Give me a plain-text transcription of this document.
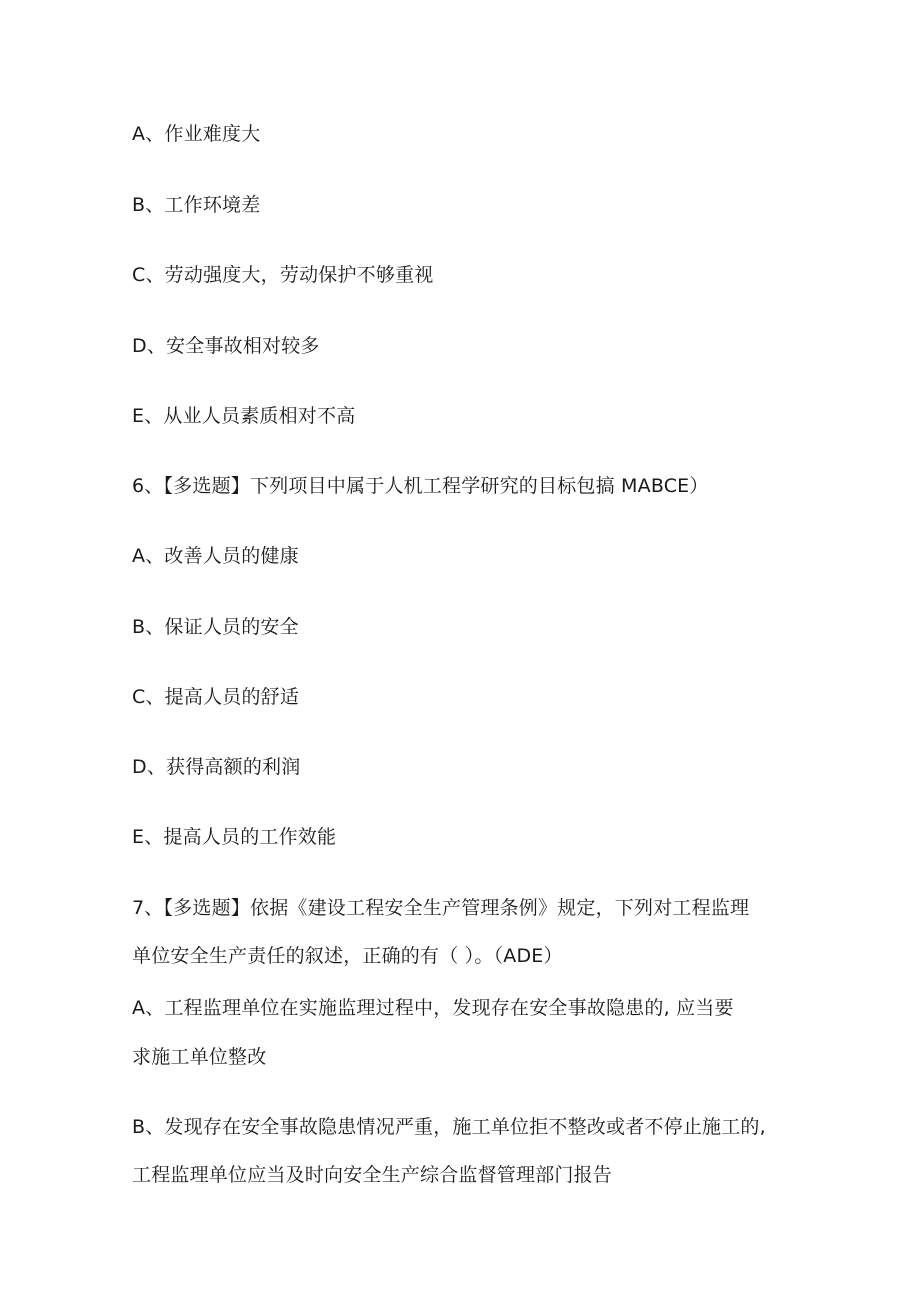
A、作业难度大
B、工作环境差
C、劳动强度大，劳动保护不够重视
D、安全事故相对较多
E、从业人员素质相对不高
6、【多选题】下列项目中属于人机工程学研究的目标包搞 MABCE）
A、改善人员的健康
B、保证人员的安全
C、提高人员的舒适
D、获得高额的利润
E、提高人员的工作效能
7、【多选题】依据《建设工程安全生产管理条例》规定，下列对工程监理
单位安全生产责任的叙述，正确的有（ ）。（ADE）
A、工程监理单位在实施监理过程中，发现存在安全事故隐患的, 应当要
求施工单位整改
B、发现存在安全事故隐患情况严重，施工单位拒不整改或者不停止施工的,
工程监理单位应当及时向安全生产综合监督管理部门报告
